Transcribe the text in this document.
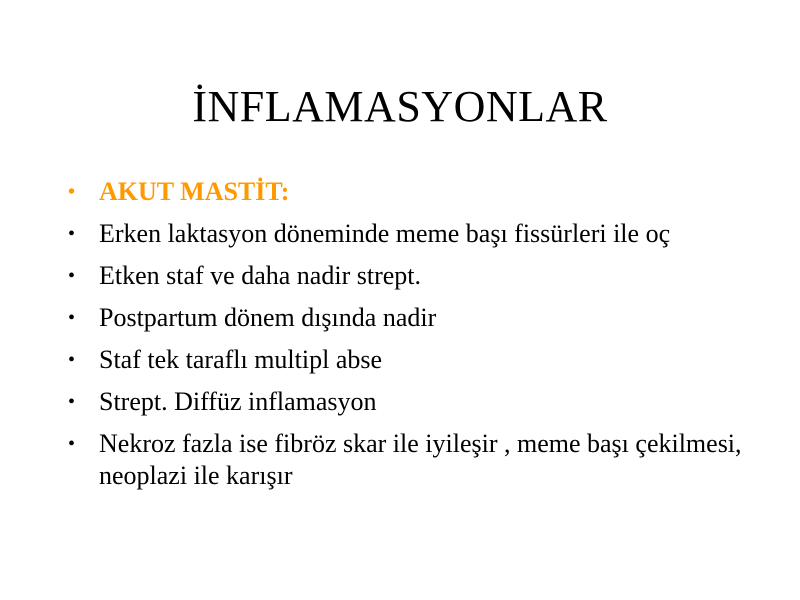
İNFLAMASYONLAR
• AKUT MASTİT:
• Erken laktasyon döneminde meme başı fissürleri ile oç
• Etken staf ve daha nadir strept.
• Postpartum dönem dışında nadir
• Staf tek taraflı multipl abse
• Strept. Diffüz inflamasyon
• Nekroz fazla ise fibröz skar ile iyileşir , meme başı çekilmesi, neoplazi ile karışır
